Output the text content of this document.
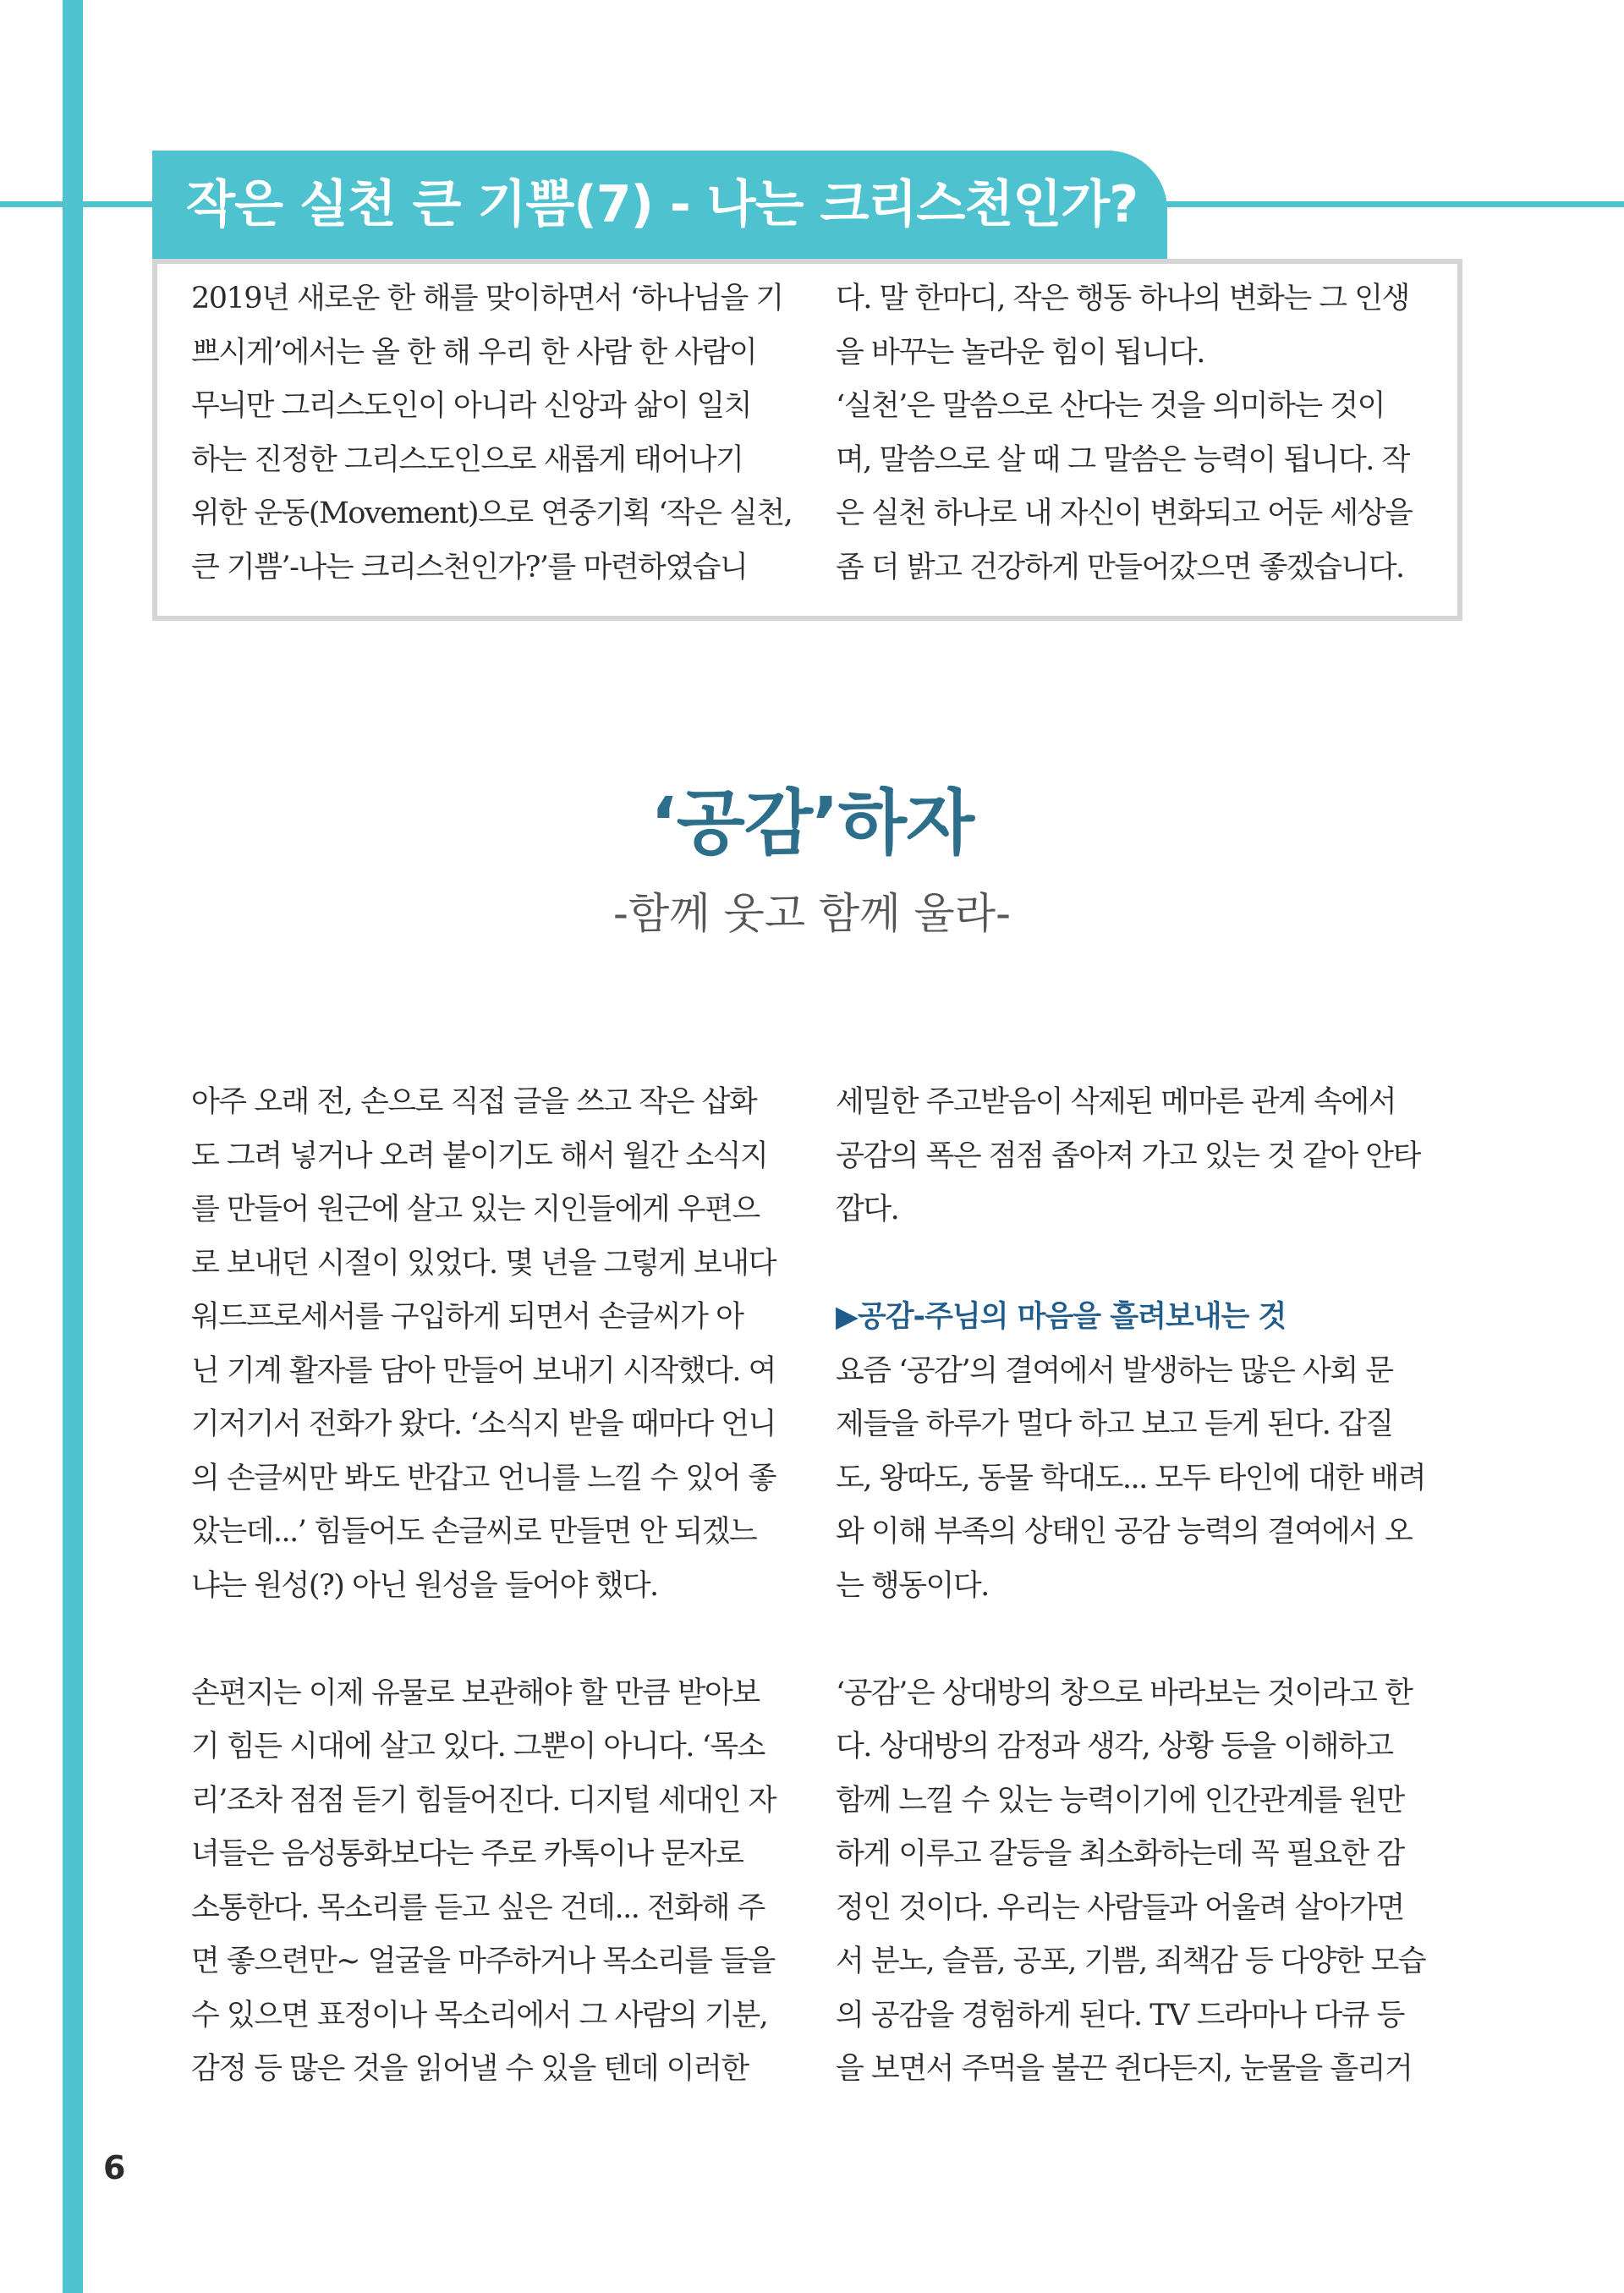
작은 실천 큰 기쁨(7) - 나는 크리스천인가?

2019년 새로운 한 해를 맞이하면서 ‘하나님을 기

쁘시게’에서는 올 한 해 우리 한 사람 한 사람이

무늬만 그리스도인이 아니라 신앙과 삶이 일치

하는 진정한 그리스도인으로 새롭게 태어나기

위한 운동(Movement)으로 연중기획 ‘작은 실천,

큰 기쁨’-나는 크리스천인가?’를 마련하였습니

다. 말 한마디, 작은 행동 하나의 변화는 그 인생

을 바꾸는 놀라운 힘이 됩니다.

‘실천’은 말씀으로 산다는 것을 의미하는 것이

며, 말씀으로 살 때 그 말씀은 능력이 됩니다. 작

은 실천 하나로 내 자신이 변화되고 어둔 세상을

좀 더 밝고 건강하게 만들어갔으면 좋겠습니다.

‘공감’하자
-함께 웃고 함께 울라-

아주 오래 전, 손으로 직접 글을 쓰고 작은 삽화

도 그려 넣거나 오려 붙이기도 해서 월간 소식지

를 만들어 원근에 살고 있는 지인들에게 우편으

로 보내던 시절이 있었다. 몇 년을 그렇게 보내다

워드프로세서를 구입하게 되면서 손글씨가 아

닌 기계 활자를 담아 만들어 보내기 시작했다. 여

기저기서 전화가 왔다. ‘소식지 받을 때마다 언니

의 손글씨만 봐도 반갑고 언니를 느낄 수 있어 좋

았는데...’ 힘들어도 손글씨로 만들면 안 되겠느

냐는 원성(?) 아닌 원성을 들어야 했다.

손편지는 이제 유물로 보관해야 할 만큼 받아보

기 힘든 시대에 살고 있다. 그뿐이 아니다. ‘목소

리’조차 점점 듣기 힘들어진다. 디지털 세대인 자

녀들은 음성통화보다는 주로 카톡이나 문자로

소통한다. 목소리를 듣고 싶은 건데... 전화해 주

면 좋으련만~ 얼굴을 마주하거나 목소리를 들을

수 있으면 표정이나 목소리에서 그 사람의 기분,

감정 등 많은 것을 읽어낼 수 있을 텐데 이러한

세밀한 주고받음이 삭제된 메마른 관계 속에서

공감의 폭은 점점 좁아져 가고 있는 것 같아 안타

깝다.

▶공감-주님의 마음을 흘려보내는 것

요즘 ‘공감’의 결여에서 발생하는 많은 사회 문

제들을 하루가 멀다 하고 보고 듣게 된다. 갑질

도, 왕따도, 동물 학대도... 모두 타인에 대한 배려

와 이해 부족의 상태인 공감 능력의 결여에서 오

는 행동이다.

‘공감’은 상대방의 창으로 바라보는 것이라고 한

다. 상대방의 감정과 생각, 상황 등을 이해하고

함께 느낄 수 있는 능력이기에 인간관계를 원만

하게 이루고 갈등을 최소화하는데 꼭 필요한 감

정인 것이다. 우리는 사람들과 어울려 살아가면

서 분노, 슬픔, 공포, 기쁨, 죄책감 등 다양한 모습

의 공감을 경험하게 된다. TV 드라마나 다큐 등

을 보면서 주먹을 불끈 쥔다든지, 눈물을 흘리거

6
